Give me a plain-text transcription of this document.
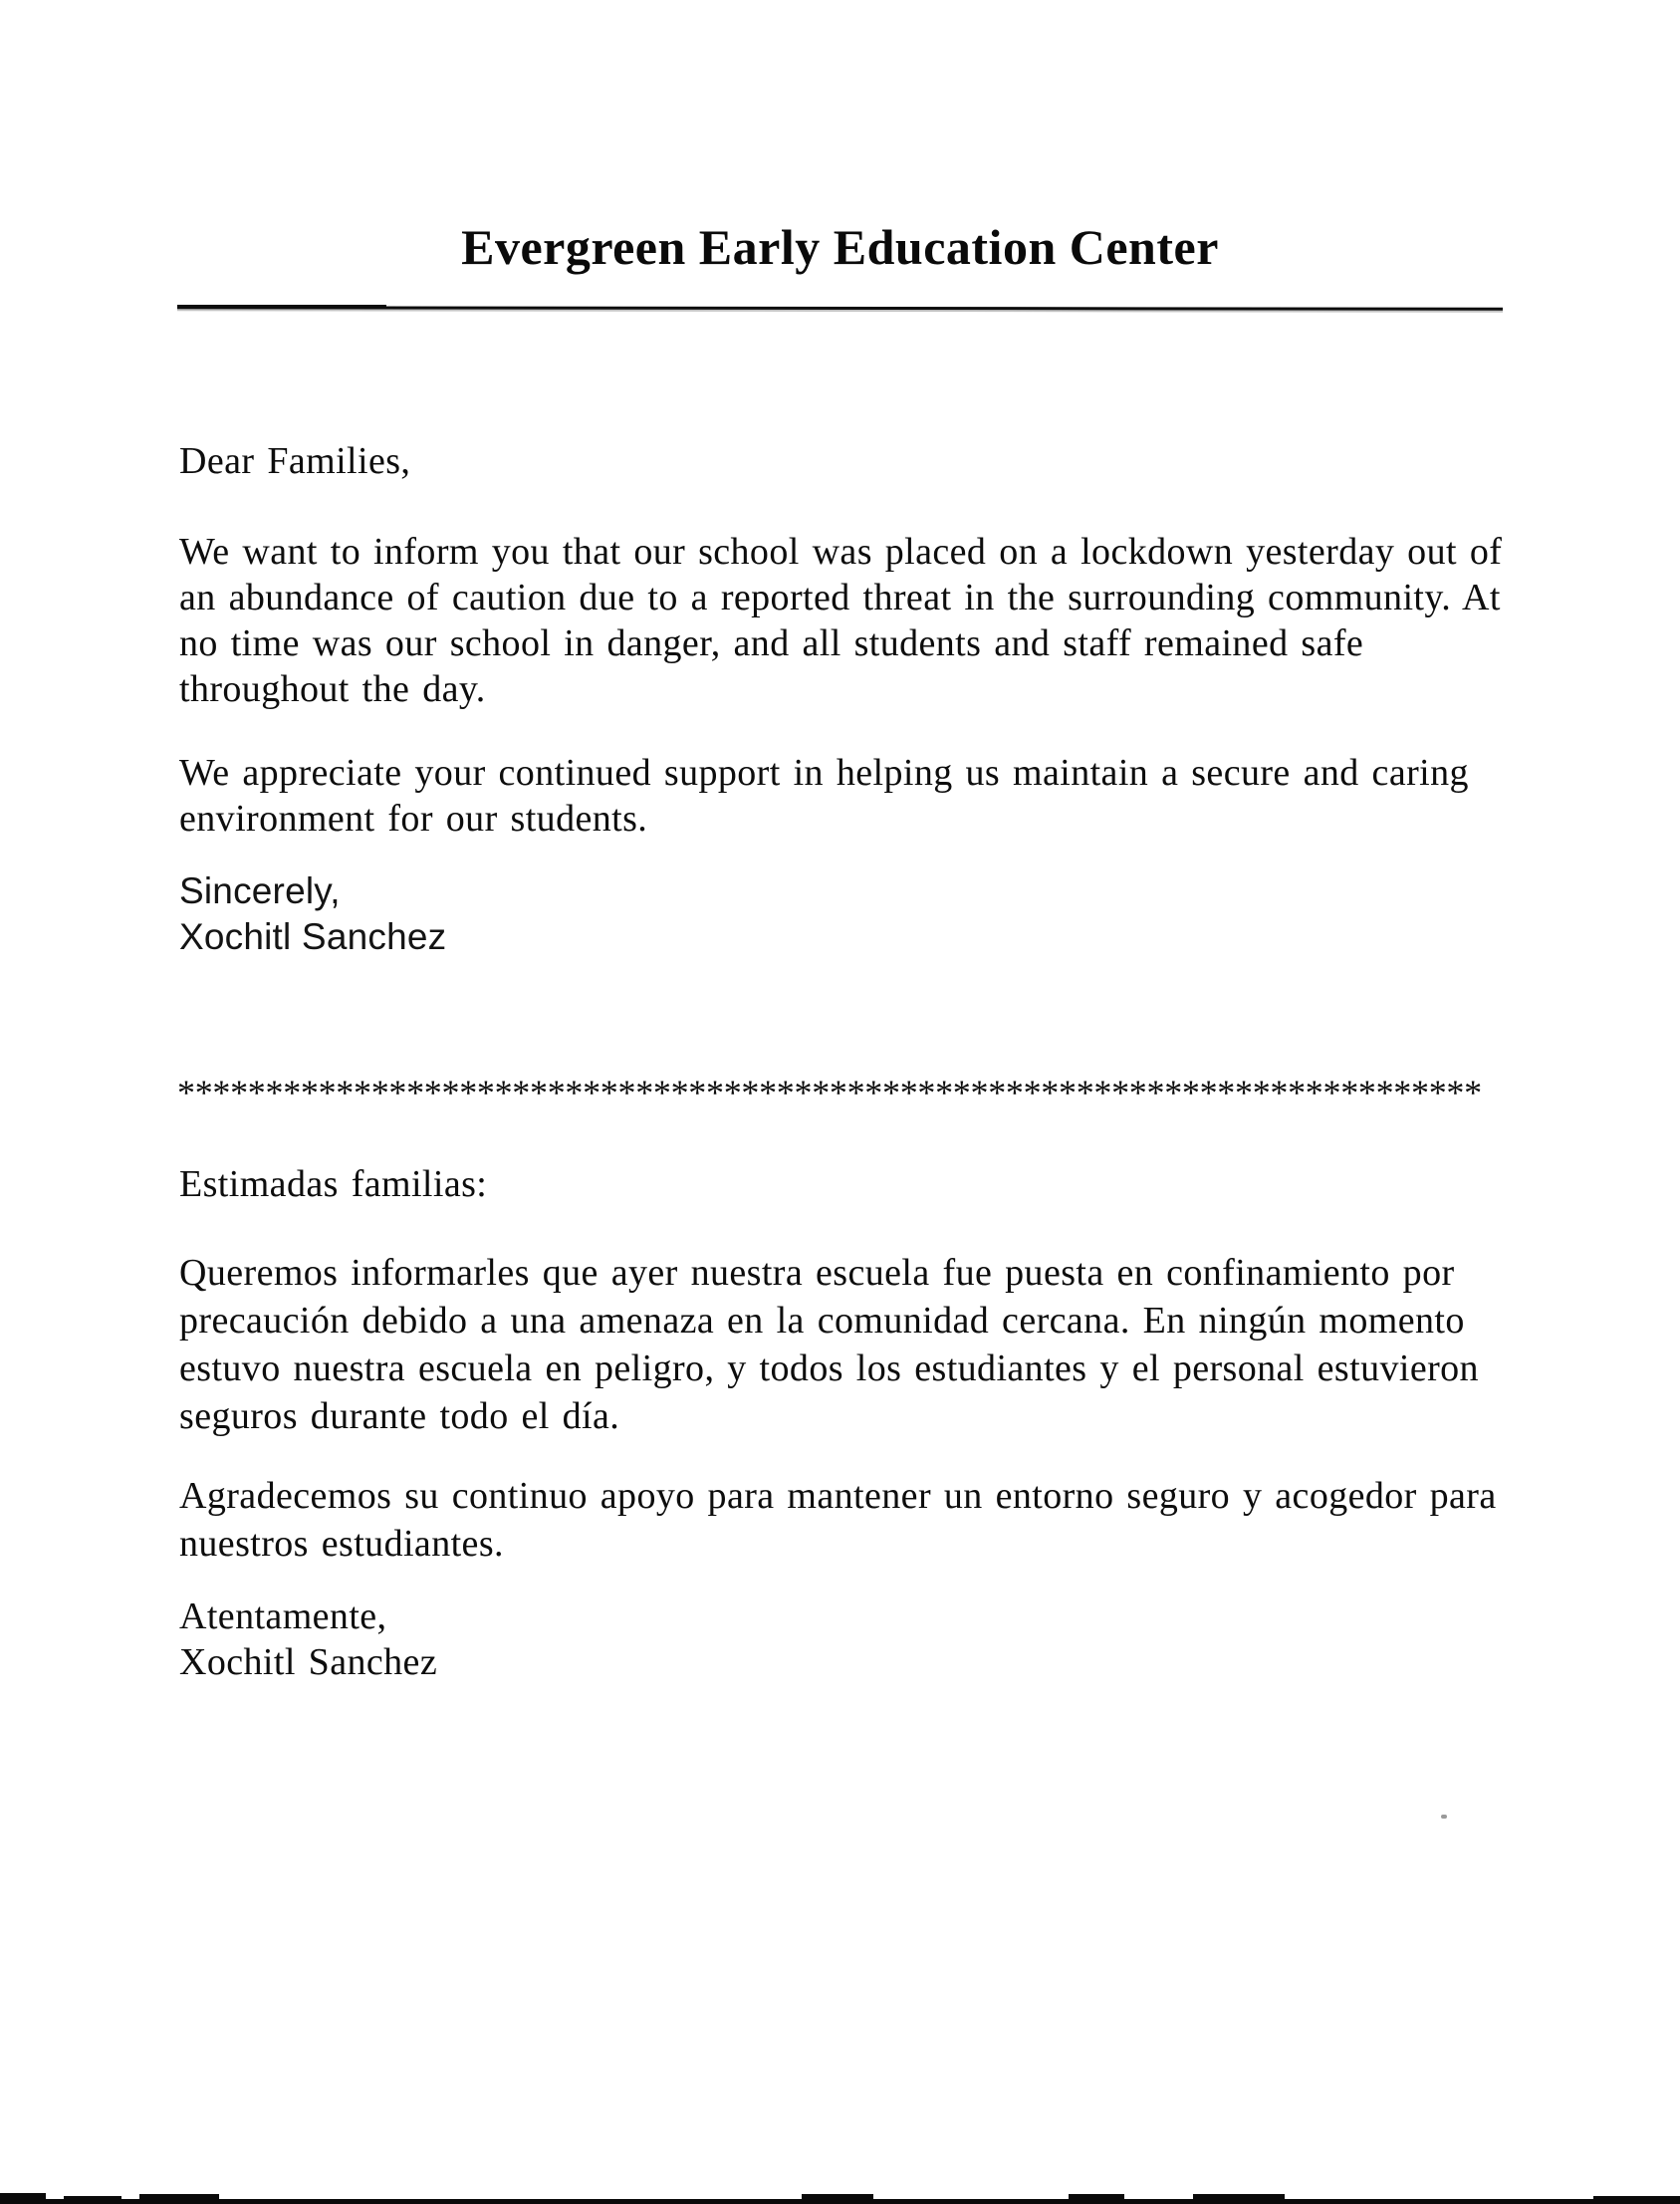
Evergreen Early Education Center
Dear Families,
We want to inform you that our school was placed on a lockdown yesterday out of
an abundance of caution due to a reported threat in the surrounding community. At
no time was our school in danger, and all students and staff remained safe
throughout the day.
We appreciate your continued support in helping us maintain a secure and caring
environment for our students.
Sincerely,
Xochitl Sanchez
**************************************************************************
Estimadas familias:
Queremos informarles que ayer nuestra escuela fue puesta en confinamiento por
precaución debido a una amenaza en la comunidad cercana. En ningún momento
estuvo nuestra escuela en peligro, y todos los estudiantes y el personal estuvieron
seguros durante todo el día.
Agradecemos su continuo apoyo para mantener un entorno seguro y acogedor para
nuestros estudiantes.
Atentamente,
Xochitl Sanchez
